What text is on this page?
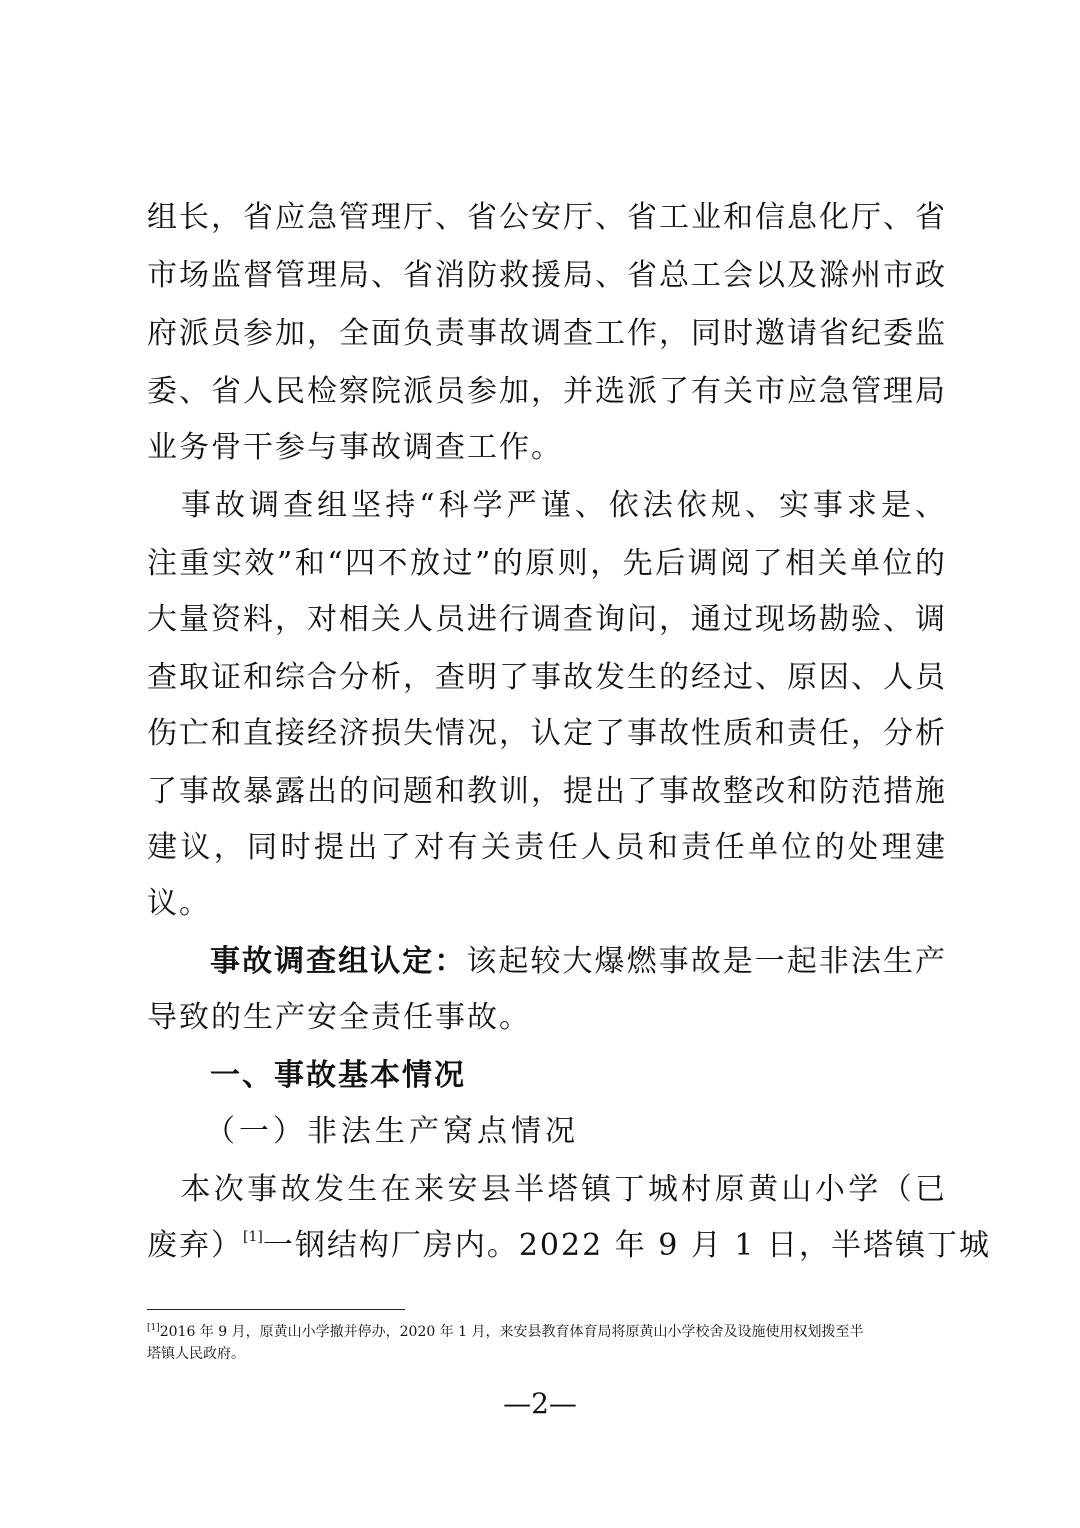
组长，省应急管理厅、省公安厅、省工业和信息化厅、省
市场监督管理局、省消防救援局、省总工会以及滁州市政
府派员参加，全面负责事故调查工作，同时邀请省纪委监
委、省人民检察院派员参加，并选派了有关市应急管理局
业务骨干参与事故调查工作。
　事故调查组坚持“科学严谨、依法依规、实事求是、
注重实效”和“四不放过”的原则，先后调阅了相关单位的
大量资料，对相关人员进行调查询问，通过现场勘验、调
查取证和综合分析，查明了事故发生的经过、原因、人员
伤亡和直接经济损失情况，认定了事故性质和责任，分析
了事故暴露出的问题和教训，提出了事故整改和防范措施
建议，同时提出了对有关责任人员和责任单位的处理建
议。
事故调查组认定：该起较大爆燃事故是一起非法生产
导致的生产安全责任事故。
一、事故基本情况
（一）非法生产窝点情况
　本次事故发生在来安县半塔镇丁城村原黄山小学（已
废弃）[1]一钢结构厂房内。2022 年 9 月 1 日，半塔镇丁城
[1]2016 年 9 月，原黄山小学撤并停办，2020 年 1 月，来安县教育体育局将原黄山小学校舍及设施使用权划拨至半
塔镇人民政府。
—2—
